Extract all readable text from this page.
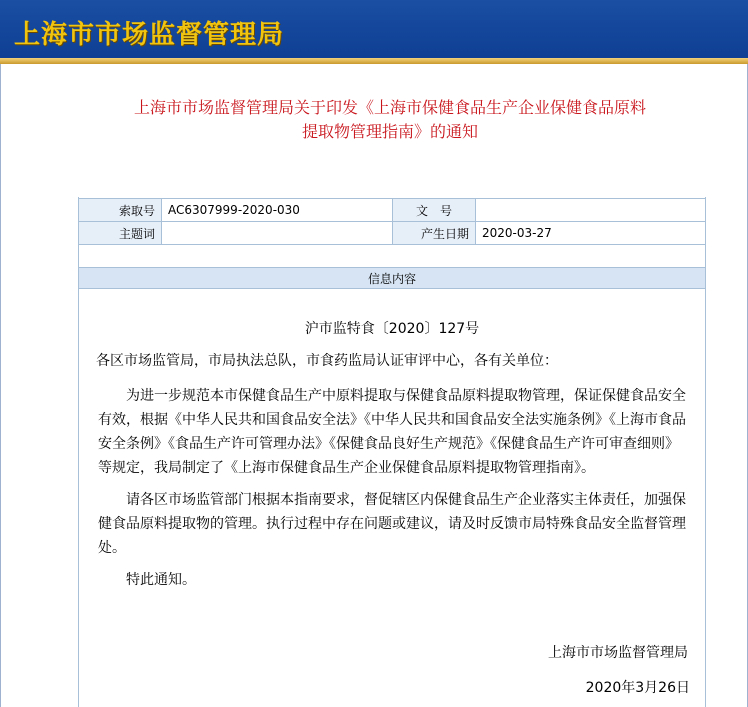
上海市市场监督管理局
上海市市场监督管理局关于印发《上海市保健食品生产企业保健食品原料
提取物管理指南》的通知
索取号	AC6307999-2020-030	文　号	
主题词		产生日期	2020-03-27

信息内容			
沪市监特食〔2020〕127号
各区市场监管局，市局执法总队，市食药监局认证审评中心，各有关单位：
为进一步规范本市保健食品生产中原料提取与保健食品原料提取物管理，保证保健食品安全有效，根据《中华人民共和国食品安全法》《中华人民共和国食品安全法实施条例》《上海市食品安全条例》《食品生产许可管理办法》《保健食品良好生产规范》《保健食品生产许可审查细则》等规定，我局制定了《上海市保健食品生产企业保健食品原料提取物管理指南》。
请各区市场监管部门根据本指南要求，督促辖区内保健食品生产企业落实主体责任，加强保健食品原料提取物的管理。执行过程中存在问题或建议，请及时反馈市局特殊食品安全监督管理处。
特此通知。
上海市市场监督管理局
2020年3月26日
